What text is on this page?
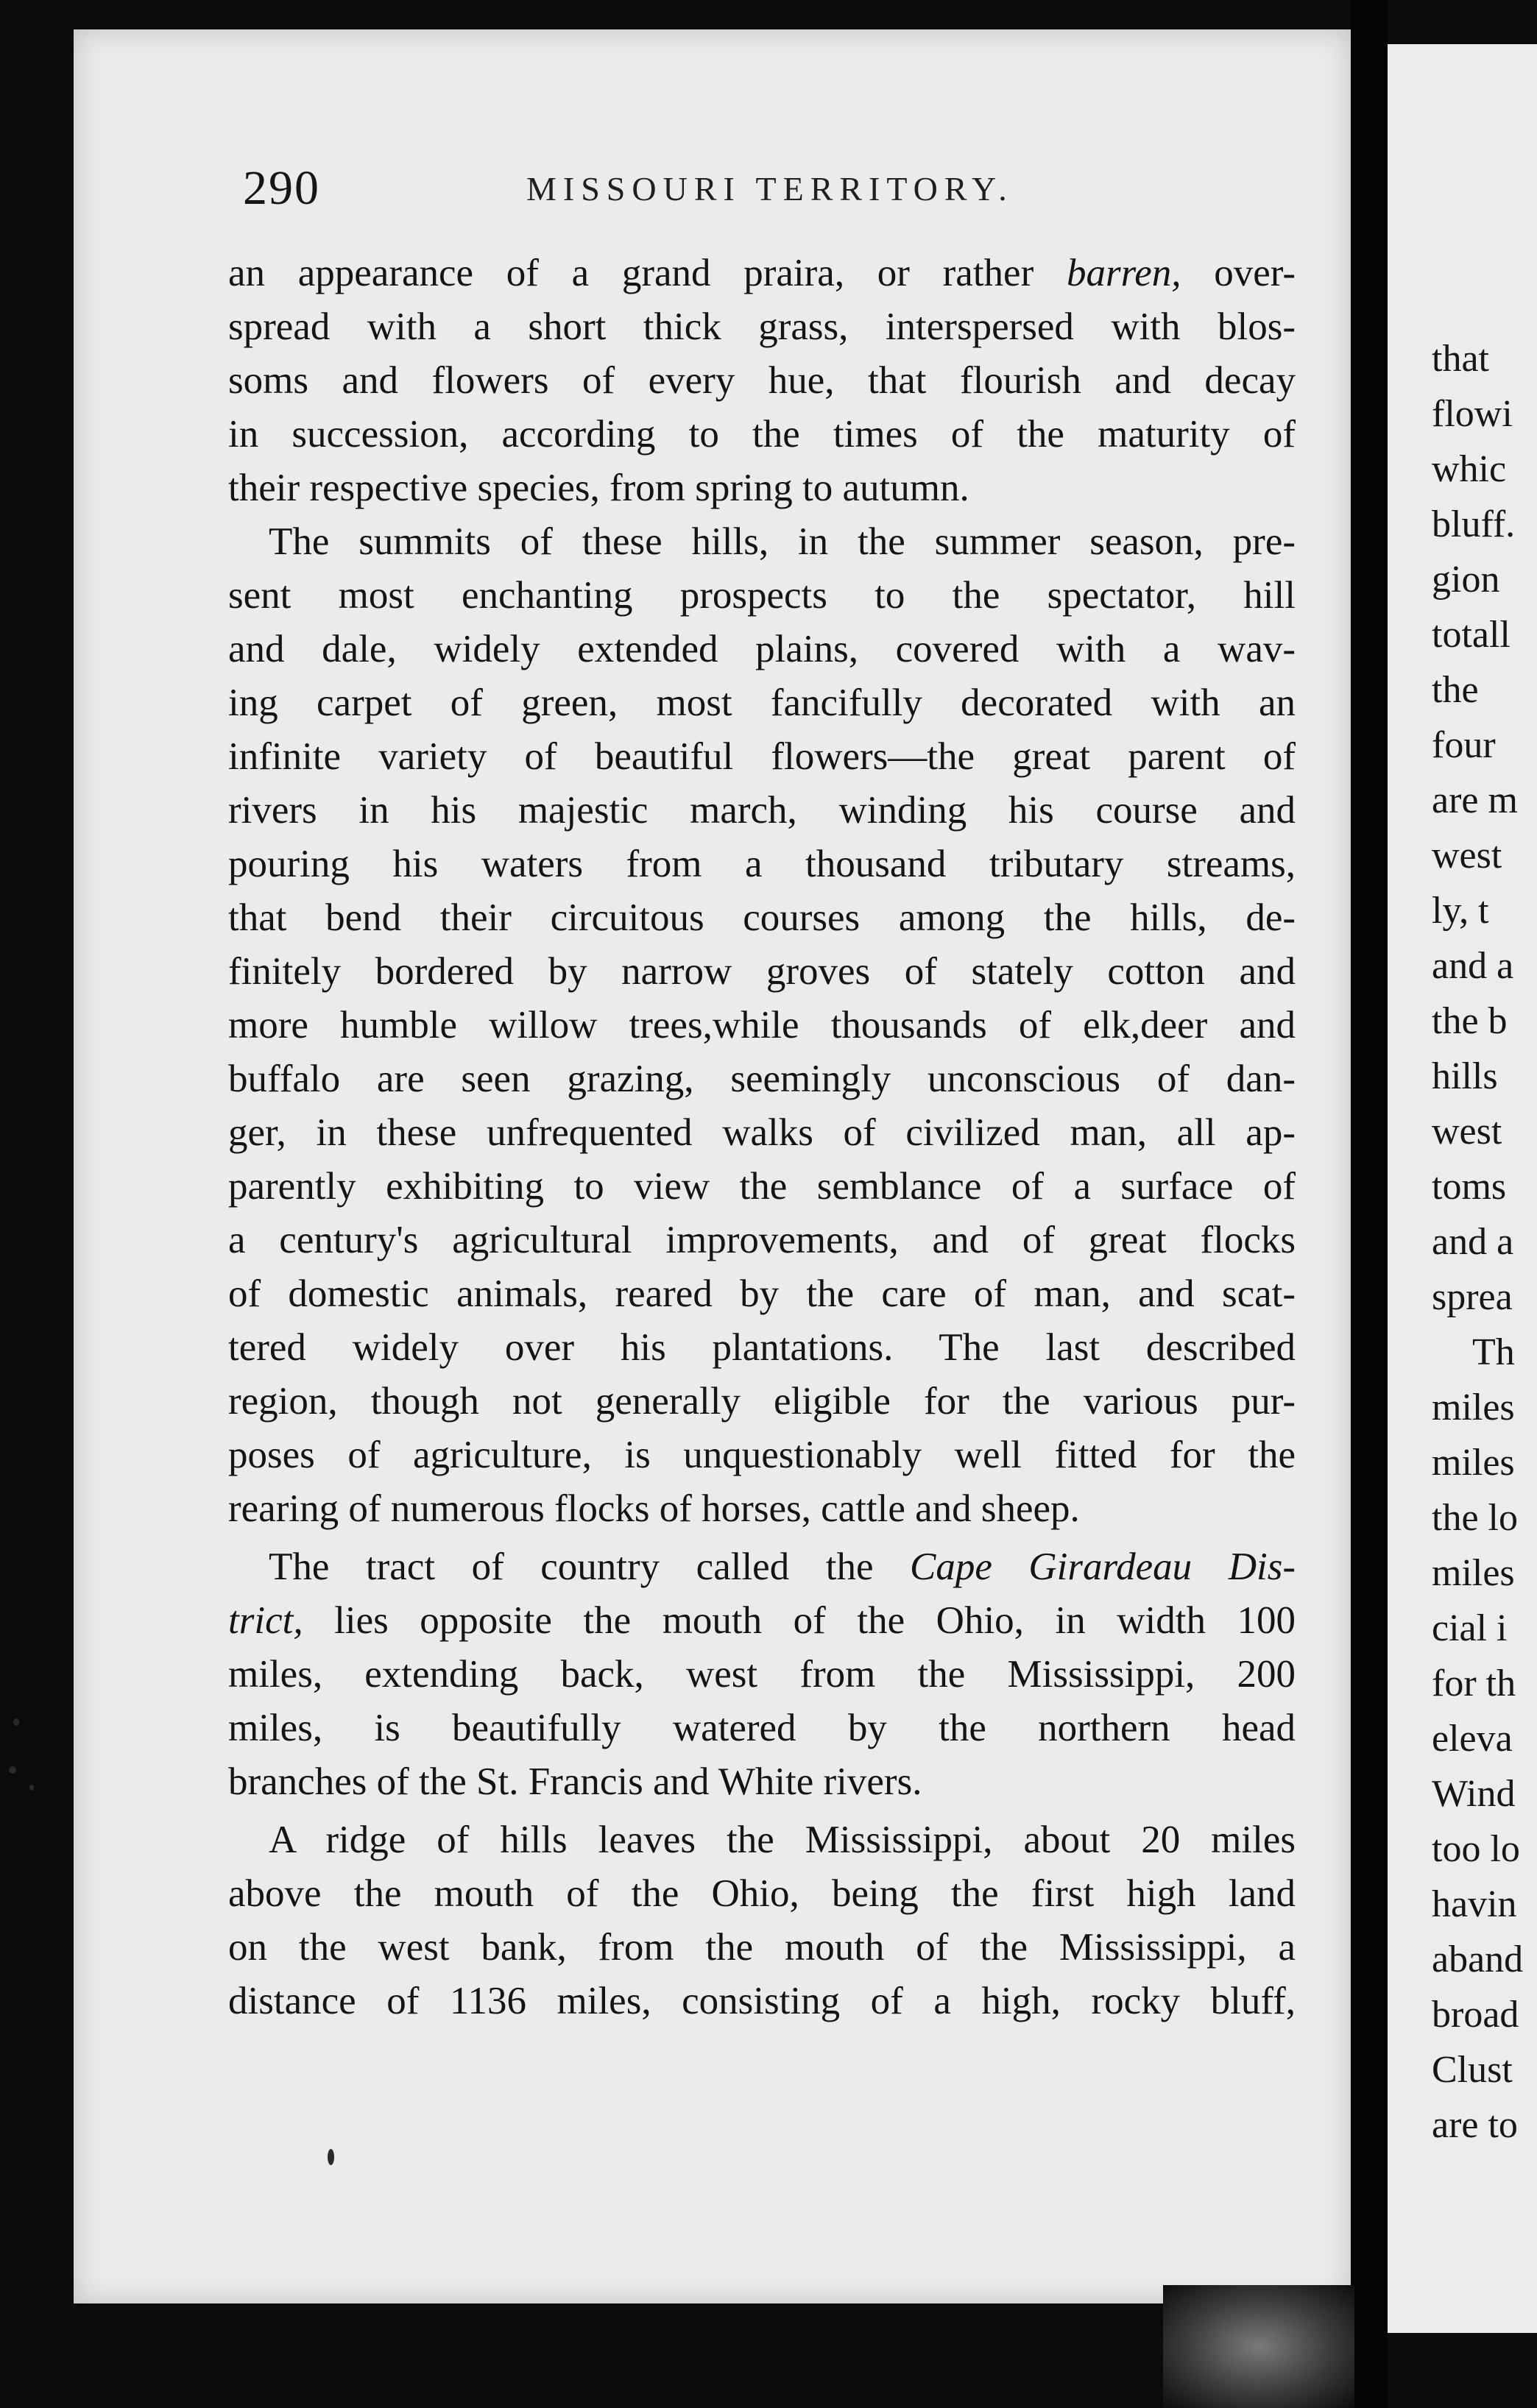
that
flowi
whic
bluff.
gion
totall
the
four
are m
west
ly, t
and a
the b
hills
west
toms
and a
sprea
Th
miles
miles
the lo
miles
cial i
for th
eleva
Wind
too lo
havin
aband
broad
Clust
are to
290	MISSOURI TERRITORY.
an appearance of a grand praira, or rather barren, over-
spread with a short thick grass, interspersed with blos-
soms and flowers of every hue, that flourish and decay
in succession, according to the times of the maturity of
their respective species, from spring to autumn.
The summits of these hills, in the summer season, pre-
sent most enchanting prospects to the spectator, hill
and dale, widely extended plains, covered with a wav-
ing carpet of green, most fancifully decorated with an
infinite variety of beautiful flowers—the great parent of
rivers in his majestic march, winding his course and
pouring his waters from a thousand tributary streams,
that bend their circuitous courses among the hills, de-
finitely bordered by narrow groves of stately cotton and
more humble willow trees,while thousands of elk,deer and
buffalo are seen grazing, seemingly unconscious of dan-
ger, in these unfrequented walks of civilized man, all ap-
parently exhibiting to view the semblance of a surface of
a century's agricultural improvements, and of great flocks
of domestic animals, reared by the care of man, and scat-
tered widely over his plantations. The last described
region, though not generally eligible for the various pur-
poses of agriculture, is unquestionably well fitted for the
rearing of numerous flocks of horses, cattle and sheep.
The tract of country called the Cape Girardeau Dis-
trict, lies opposite the mouth of the Ohio, in width 100
miles, extending back, west from the Mississippi, 200
miles, is beautifully watered by the northern head
branches of the St. Francis and White rivers.
A ridge of hills leaves the Mississippi, about 20 miles
above the mouth of the Ohio, being the first high land
on the west bank, from the mouth of the Mississippi, a
distance of 1136 miles, consisting of a high, rocky bluff,
